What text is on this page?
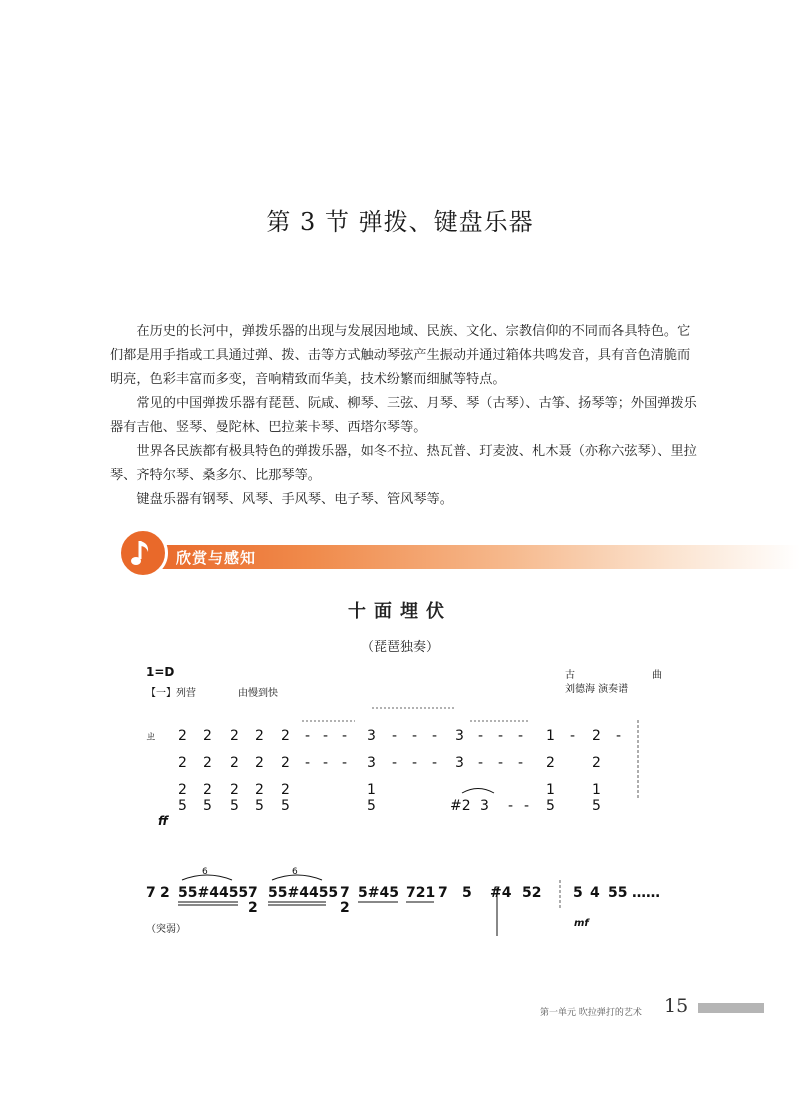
第 3 节 弹拨、键盘乐器

在历史的长河中，弹拨乐器的出现与发展因地域、民族、文化、宗教信仰的不同而各具特色。它们都是用手指或工具通过弹、拨、击等方式触动琴弦产生振动并通过箱体共鸣发音，具有音色清脆而明亮，色彩丰富而多变，音响精致而华美，技术纷繁而细腻等特点。

常见的中国弹拨乐器有琵琶、阮咸、柳琴、三弦、月琴、琴（古琴）、古筝、扬琴等；外国弹拨乐器有吉他、竖琴、曼陀林、巴拉莱卡琴、西塔尔琴等。

世界各民族都有极具特色的弹拨乐器，如冬不拉、热瓦普、玎麦波、札木聂（亦称六弦琴）、里拉琴、齐特尔琴、桑多尔、比那琴等。

键盘乐器有钢琴、风琴、手风琴、电子琴、管风琴等。

欣赏与感知
十面埋伏
（琵琶独奏）
1=D
【一】列营	由慢到快
古	曲
刘德海 演奏谱
ㄓ 2 2 2 2 2 - - - 3 - - - 3 - - - 1 - 2 -
2 2 2 2 2 - - - 3 - - - 3 - - - 2	2
2 2 2 2 2	1	1	1
5 5 5 5 5	5	#2 3 - - 5	5
ff
7 2 55#4455 7
2
55#4455 7
2
5#45 721 7 5 #4 52 5 4 55 ……
6	6
（突弱）
mf
第一单元 吹拉弹打的艺术 15
